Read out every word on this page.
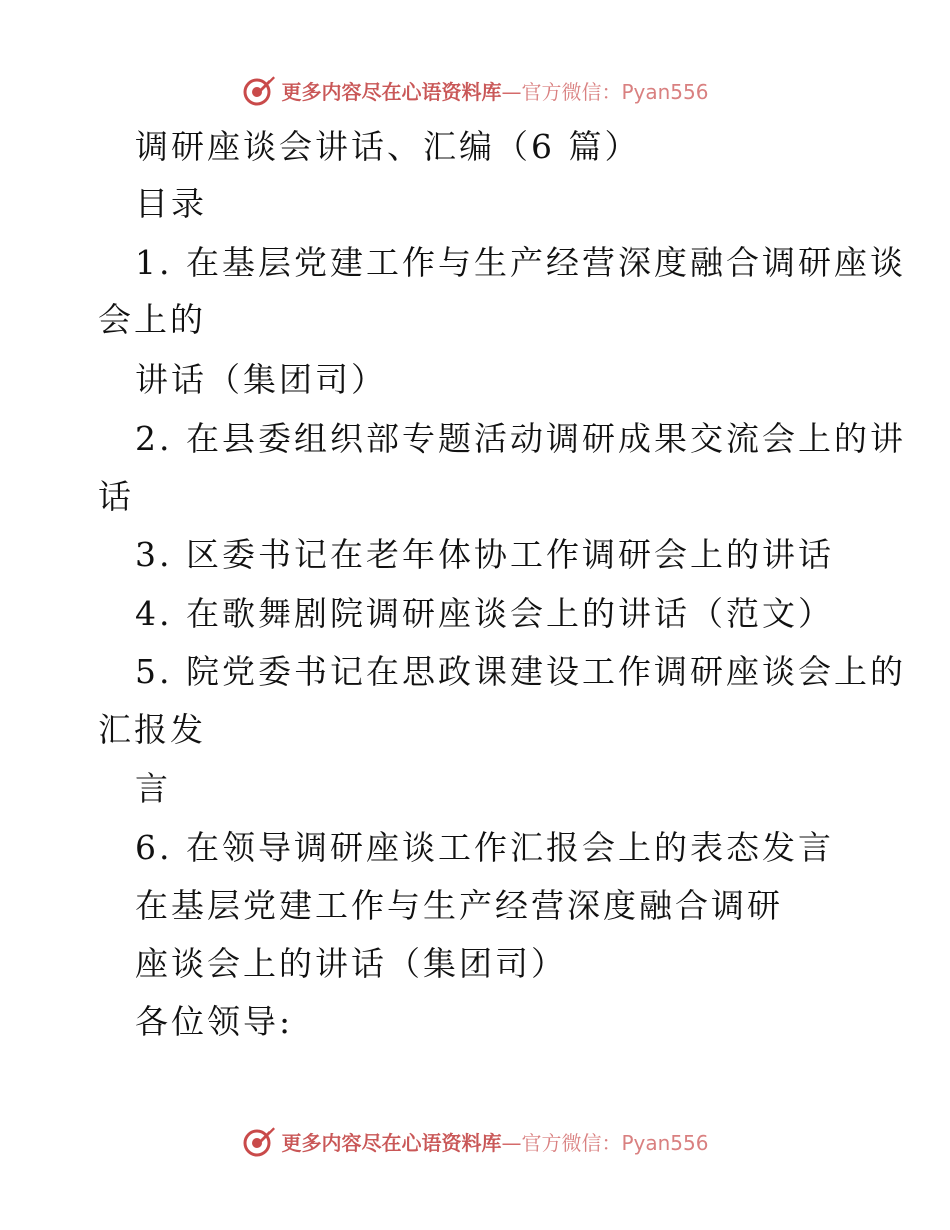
更多内容尽在心语资料库—官方微信：Pyan556

调研座谈会讲话、汇编（6 篇）

目录

1. 在基层党建工作与生产经营深度融合调研座谈

会上的

讲话（集团司）

2. 在县委组织部专题活动调研成果交流会上的讲

话

3. 区委书记在老年体协工作调研会上的讲话

4. 在歌舞剧院调研座谈会上的讲话（范文）

5. 院党委书记在思政课建设工作调研座谈会上的

汇报发

言

6. 在领导调研座谈工作汇报会上的表态发言

在基层党建工作与生产经营深度融合调研

座谈会上的讲话（集团司）

各位领导:

更多内容尽在心语资料库—官方微信：Pyan556
